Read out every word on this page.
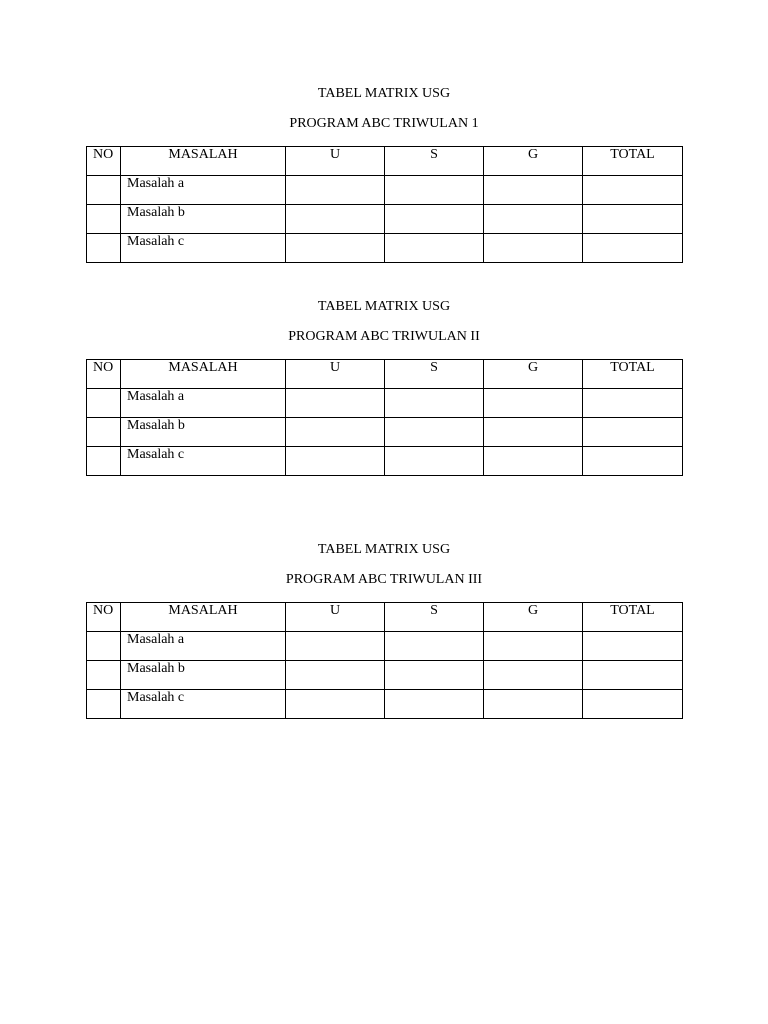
TABEL MATRIX USG
PROGRAM ABC TRIWULAN 1
NO	MASALAH	U	S	G	TOTAL
	Masalah a				
	Masalah b				
	Masalah c				
TABEL MATRIX USG
PROGRAM ABC TRIWULAN II
NO	MASALAH	U	S	G	TOTAL
	Masalah a				
	Masalah b				
	Masalah c				
TABEL MATRIX USG
PROGRAM ABC TRIWULAN III
NO	MASALAH	U	S	G	TOTAL
	Masalah a				
	Masalah b				
	Masalah c				
